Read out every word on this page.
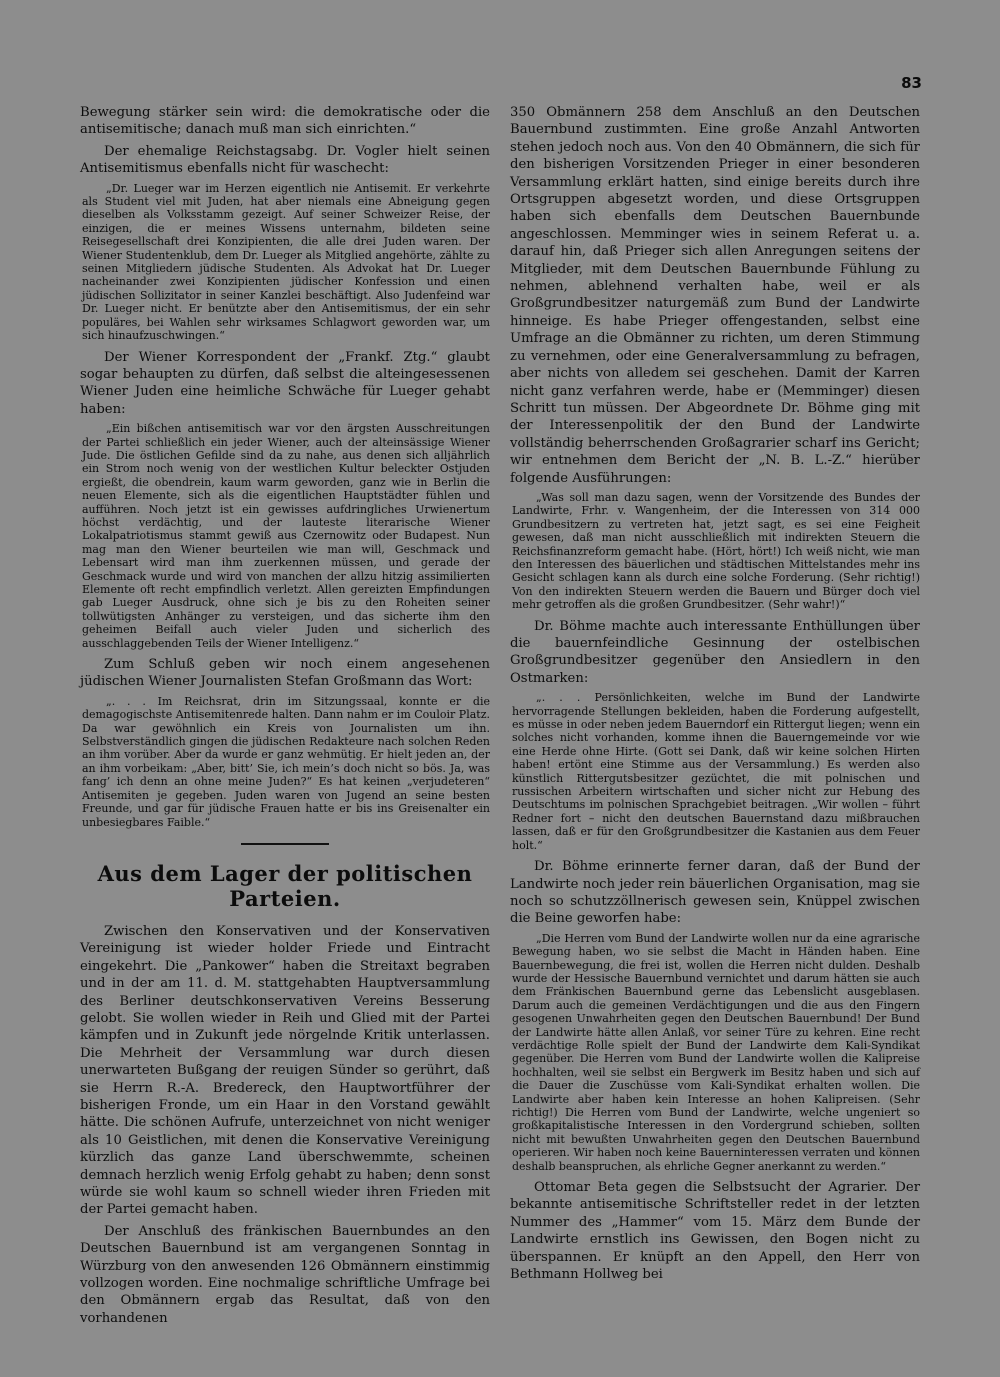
83

Bewegung stärker sein wird: die demokratische oder die antisemitische; danach muß man sich einrichten.“

Der ehemalige Reichstagsabg. Dr. Vogler hielt seinen Antisemitismus ebenfalls nicht für waschecht:

„Dr. Lueger war im Herzen eigentlich nie Antisemit. Er verkehrte als Student viel mit Juden, hat aber niemals eine Abneigung gegen dieselben als Volksstamm gezeigt. Auf seiner Schweizer Reise, der einzigen, die er meines Wissens unternahm, bildeten seine Reisegesellschaft drei Konzipienten, die alle drei Juden waren. Der Wiener Studentenklub, dem Dr. Lueger als Mitglied angehörte, zählte zu seinen Mitgliedern jüdische Studenten. Als Advokat hat Dr. Lueger nacheinander zwei Konzipienten jüdischer Konfession und einen jüdischen Sollizitator in seiner Kanzlei beschäftigt. Also Judenfeind war Dr. Lueger nicht. Er benützte aber den Antisemitismus, der ein sehr populäres, bei Wahlen sehr wirksames Schlagwort geworden war, um sich hinaufzuschwingen.“

Der Wiener Korrespondent der „Frankf. Ztg.“ glaubt sogar behaupten zu dürfen, daß selbst die alteingesessenen Wiener Juden eine heimliche Schwäche für Lueger gehabt haben:

„Ein bißchen antisemitisch war vor den ärgsten Ausschreitungen der Partei schließlich ein jeder Wiener, auch der alteinsässige Wiener Jude. Die östlichen Gefilde sind da zu nahe, aus denen sich alljährlich ein Strom noch wenig von der westlichen Kultur beleckter Ostjuden ergießt, die obendrein, kaum warm geworden, ganz wie in Berlin die neuen Elemente, sich als die eigentlichen Hauptstädter fühlen und aufführen. Noch jetzt ist ein gewisses aufdringliches Urwienertum höchst verdächtig, und der lauteste literarische Wiener Lokalpatriotismus stammt gewiß aus Czernowitz oder Budapest. Nun mag man den Wiener beurteilen wie man will, Geschmack und Lebensart wird man ihm zuerkennen müssen, und gerade der Geschmack wurde und wird von manchen der allzu hitzig assimilierten Elemente oft recht empfindlich verletzt. Allen gereizten Empfindungen gab Lueger Ausdruck, ohne sich je bis zu den Roheiten seiner tollwütigsten Anhänger zu versteigen, und das sicherte ihm den geheimen Beifall auch vieler Juden und sicherlich des ausschlaggebenden Teils der Wiener Intelligenz.“

Zum Schluß geben wir noch einem angesehenen jüdischen Wiener Journalisten Stefan Großmann das Wort:

„. . . Im Reichsrat, drin im Sitzungssaal, konnte er die demagogischste Antisemitenrede halten. Dann nahm er im Couloir Platz. Da war gewöhnlich ein Kreis von Journalisten um ihn. Selbstverständlich gingen die jüdischen Redakteure nach solchen Reden an ihm vorüber. Aber da wurde er ganz wehmütig. Er hielt jeden an, der an ihm vorbeikam: „Aber, bitt’ Sie, ich mein’s doch nicht so bös. Ja, was fang’ ich denn an ohne meine Juden?“ Es hat keinen „verjudeteren“ Antisemiten je gegeben. Juden waren von Jugend an seine besten Freunde, und gar für jüdische Frauen hatte er bis ins Greisenalter ein unbesiegbares Faible.“

Aus dem Lager der politischen Parteien.

Zwischen den Konservativen und der Konservativen Vereinigung ist wieder holder Friede und Eintracht eingekehrt. Die „Pankower“ haben die Streitaxt begraben und in der am 11. d. M. stattgehabten Hauptversammlung des Berliner deutschkonservativen Vereins Besserung gelobt. Sie wollen wieder in Reih und Glied mit der Partei kämpfen und in Zukunft jede nörgelnde Kritik unterlassen. Die Mehrheit der Versammlung war durch diesen unerwarteten Bußgang der reuigen Sünder so gerührt, daß sie Herrn R.-A. Bredereck, den Hauptwortführer der bisherigen Fronde, um ein Haar in den Vorstand gewählt hätte. Die schönen Aufrufe, unterzeichnet von nicht weniger als 10 Geistlichen, mit denen die Konservative Vereinigung kürzlich das ganze Land überschwemmte, scheinen demnach herzlich wenig Erfolg gehabt zu haben; denn sonst würde sie wohl kaum so schnell wieder ihren Frieden mit der Partei gemacht haben.

Der Anschluß des fränkischen Bauernbundes an den Deutschen Bauernbund ist am vergangenen Sonntag in Würzburg von den anwesenden 126 Obmännern einstimmig vollzogen worden. Eine nochmalige schriftliche Umfrage bei den Obmännern ergab das Resultat, daß von den vorhandenen

350 Obmännern 258 dem Anschluß an den Deutschen Bauernbund zustimmten. Eine große Anzahl Antworten stehen jedoch noch aus. Von den 40 Obmännern, die sich für den bisherigen Vorsitzenden Prieger in einer besonderen Versammlung erklärt hatten, sind einige bereits durch ihre Ortsgruppen abgesetzt worden, und diese Ortsgruppen haben sich ebenfalls dem Deutschen Bauernbunde angeschlossen. Memminger wies in seinem Referat u. a. darauf hin, daß Prieger sich allen Anregungen seitens der Mitglieder, mit dem Deutschen Bauernbunde Fühlung zu nehmen, ablehnend verhalten habe, weil er als Großgrundbesitzer naturgemäß zum Bund der Landwirte hinneige. Es habe Prieger offengestanden, selbst eine Umfrage an die Obmänner zu richten, um deren Stimmung zu vernehmen, oder eine Generalversammlung zu befragen, aber nichts von alledem sei geschehen. Damit der Karren nicht ganz verfahren werde, habe er (Memminger) diesen Schritt tun müssen. Der Abgeordnete Dr. Böhme ging mit der Interessenpolitik der den Bund der Landwirte vollständig beherrschenden Großagrarier scharf ins Gericht; wir entnehmen dem Bericht der „N. B. L.-Z.“ hierüber folgende Ausführungen:

„Was soll man dazu sagen, wenn der Vorsitzende des Bundes der Landwirte, Frhr. v. Wangenheim, der die Interessen von 314 000 Grundbesitzern zu vertreten hat, jetzt sagt, es sei eine Feigheit gewesen, daß man nicht ausschließlich mit indirekten Steuern die Reichsfinanzreform gemacht habe. (Hört, hört!) Ich weiß nicht, wie man den Interessen des bäuerlichen und städtischen Mittelstandes mehr ins Gesicht schlagen kann als durch eine solche Forderung. (Sehr richtig!) Von den indirekten Steuern werden die Bauern und Bürger doch viel mehr getroffen als die großen Grundbesitzer. (Sehr wahr!)“

Dr. Böhme machte auch interessante Enthüllungen über die bauernfeindliche Gesinnung der ostelbischen Großgrundbesitzer gegenüber den Ansiedlern in den Ostmarken:

„. . . Persönlichkeiten, welche im Bund der Landwirte hervorragende Stellungen bekleiden, haben die Forderung aufgestellt, es müsse in oder neben jedem Bauerndorf ein Rittergut liegen; wenn ein solches nicht vorhanden, komme ihnen die Bauerngemeinde vor wie eine Herde ohne Hirte. (Gott sei Dank, daß wir keine solchen Hirten haben! ertönt eine Stimme aus der Versammlung.) Es werden also künstlich Rittergutsbesitzer gezüchtet, die mit polnischen und russischen Arbeitern wirtschaften und sicher nicht zur Hebung des Deutschtums im polnischen Sprachgebiet beitragen. „Wir wollen – führt Redner fort – nicht den deutschen Bauernstand dazu mißbrauchen lassen, daß er für den Großgrundbesitzer die Kastanien aus dem Feuer holt.“

Dr. Böhme erinnerte ferner daran, daß der Bund der Landwirte noch jeder rein bäuerlichen Organisation, mag sie noch so schutzzöllnerisch gewesen sein, Knüppel zwischen die Beine geworfen habe:

„Die Herren vom Bund der Landwirte wollen nur da eine agrarische Bewegung haben, wo sie selbst die Macht in Händen haben. Eine Bauernbewegung, die frei ist, wollen die Herren nicht dulden. Deshalb wurde der Hessische Bauernbund vernichtet und darum hätten sie auch dem Fränkischen Bauernbund gerne das Lebenslicht ausgeblasen. Darum auch die gemeinen Verdächtigungen und die aus den Fingern gesogenen Unwahrheiten gegen den Deutschen Bauernbund! Der Bund der Landwirte hätte allen Anlaß, vor seiner Türe zu kehren. Eine recht verdächtige Rolle spielt der Bund der Landwirte dem Kali-Syndikat gegenüber. Die Herren vom Bund der Landwirte wollen die Kalipreise hochhalten, weil sie selbst ein Bergwerk im Besitz haben und sich auf die Dauer die Zuschüsse vom Kali-Syndikat erhalten wollen. Die Landwirte aber haben kein Interesse an hohen Kalipreisen. (Sehr richtig!) Die Herren vom Bund der Landwirte, welche ungeniert so großkapitalistische Interessen in den Vordergrund schieben, sollten nicht mit bewußten Unwahrheiten gegen den Deutschen Bauernbund operieren. Wir haben noch keine Bauerninteressen verraten und können deshalb beanspruchen, als ehrliche Gegner anerkannt zu werden.“

Ottomar Beta gegen die Selbstsucht der Agrarier. Der bekannte antisemitische Schriftsteller redet in der letzten Nummer des „Hammer“ vom 15. März dem Bunde der Landwirte ernstlich ins Gewissen, den Bogen nicht zu überspannen. Er knüpft an den Appell, den Herr von Bethmann Hollweg bei
